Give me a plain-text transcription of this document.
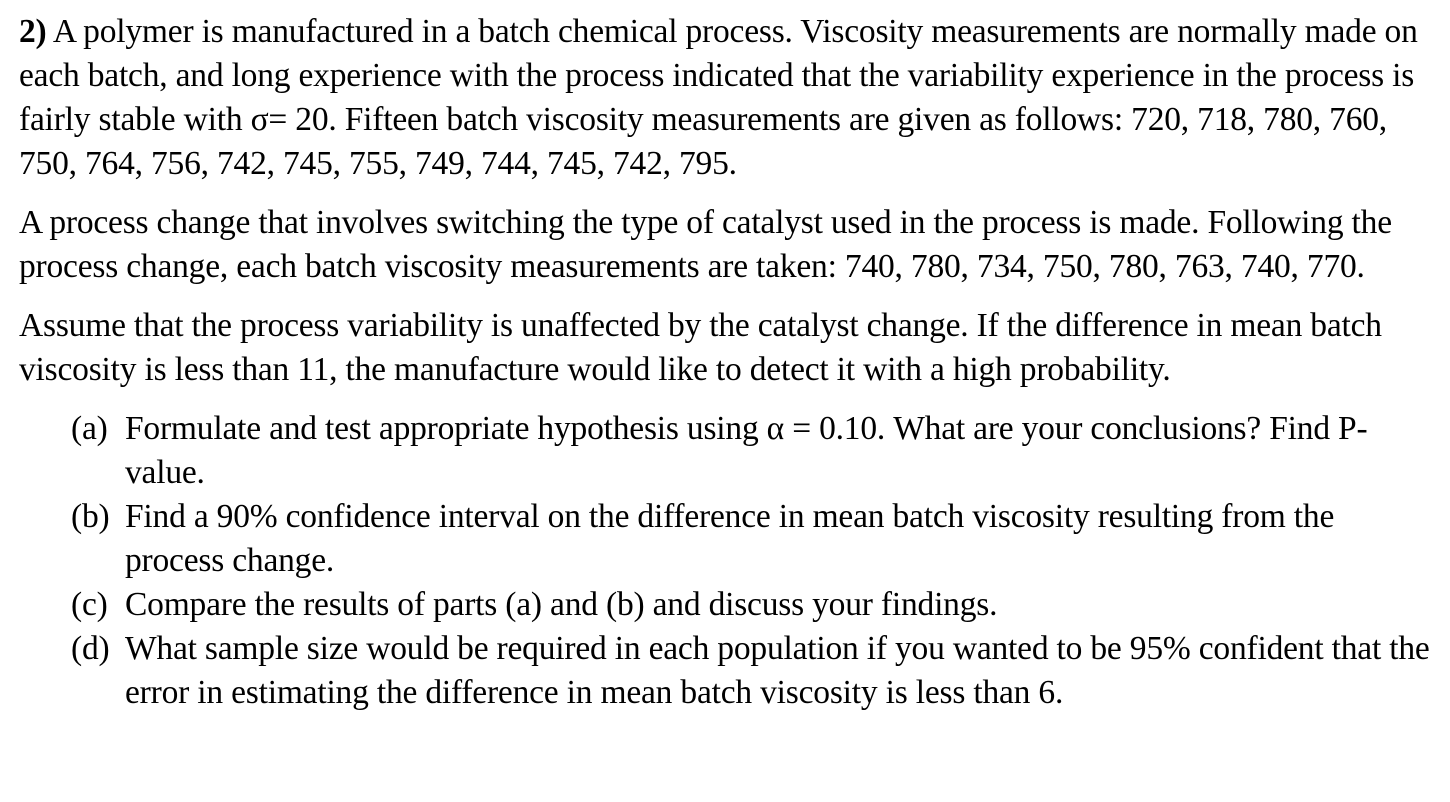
2) A polymer is manufactured in a batch chemical process. Viscosity measurements are normally made on each batch, and long experience with the process indicated that the variability experience in the process is fairly stable with σ= 20. Fifteen batch viscosity measurements are given as follows: 720, 718, 780, 760, 750, 764, 756, 742, 745, 755, 749, 744, 745, 742, 795.

A process change that involves switching the type of catalyst used in the process is made. Following the process change, each batch viscosity measurements are taken: 740, 780, 734, 750, 780, 763, 740, 770.

Assume that the process variability is unaffected by the catalyst change. If the difference in mean batch viscosity is less than 11, the manufacture would like to detect it with a high probability.

(a) Formulate and test appropriate hypothesis using α = 0.10. What are your conclusions? Find P-value.
(b) Find a 90% confidence interval on the difference in mean batch viscosity resulting from the process change.
(c) Compare the results of parts (a) and (b) and discuss your findings.
(d) What sample size would be required in each population if you wanted to be 95% confident that the error in estimating the difference in mean batch viscosity is less than 6.
